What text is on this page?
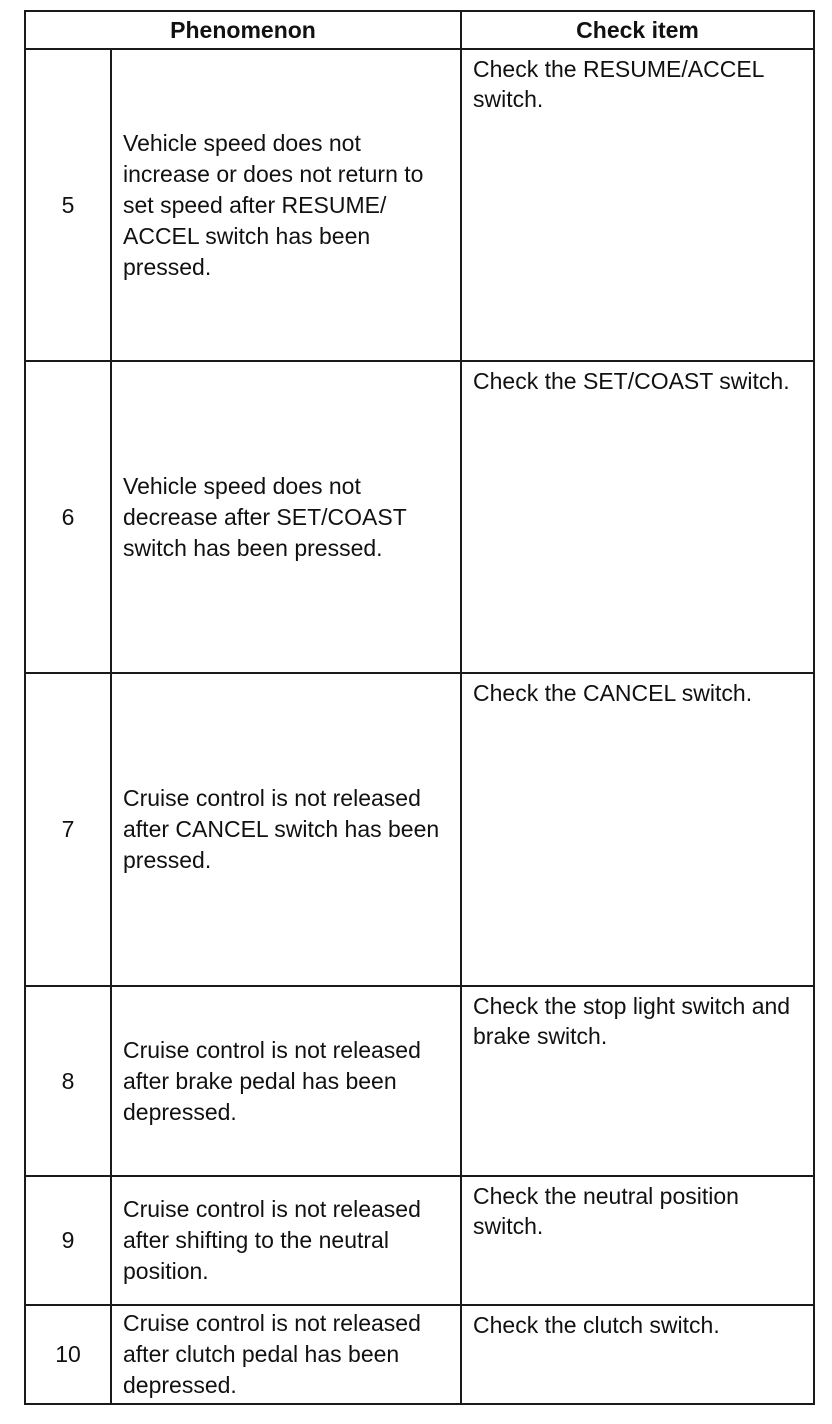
Phenomenon		Check item
5	Vehicle speed does not increase or does not return to set speed after RESUME/ ACCEL switch has been pressed.	Check the RESUME/ACCEL switch.
6	Vehicle speed does not decrease after SET/COAST switch has been pressed.	Check the SET/COAST switch.
7	Cruise control is not released after CANCEL switch has been pressed.	Check the CANCEL switch.
8	Cruise control is not released after brake pedal has been depressed.	Check the stop light switch and brake switch.
9	Cruise control is not released after shifting to the neutral position.	Check the neutral position switch.
10	Cruise control is not released after clutch pedal has been depressed.	Check the clutch switch.
